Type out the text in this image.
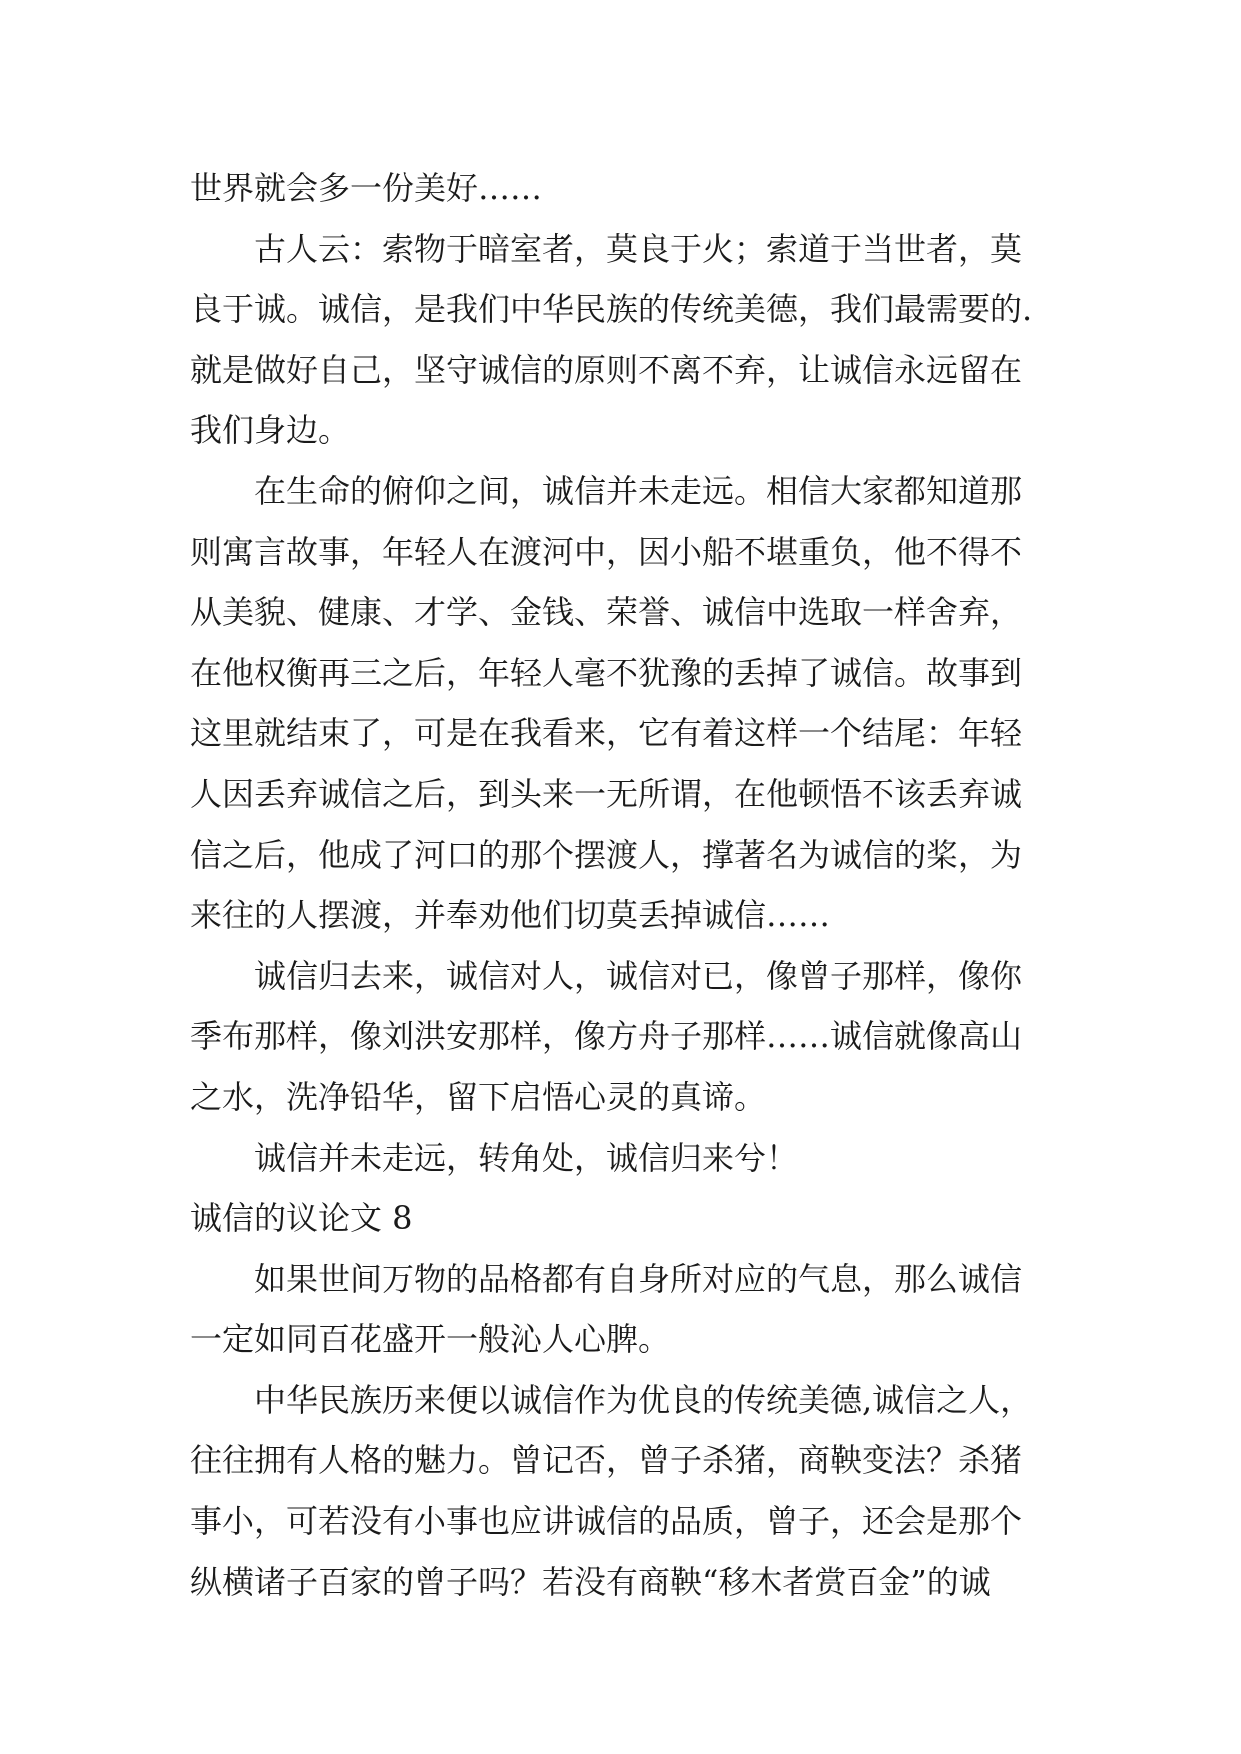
世界就会多一份美好……
古人云：索物于暗室者，莫良于火；索道于当世者，莫
良于诚。诚信，是我们中华民族的传统美德，我们最需要的.
就是做好自己，坚守诚信的原则不离不弃，让诚信永远留在
我们身边。
在生命的俯仰之间，诚信并未走远。相信大家都知道那
则寓言故事，年轻人在渡河中，因小船不堪重负，他不得不
从美貌、健康、才学、金钱、荣誉、诚信中选取一样舍弃，
在他权衡再三之后，年轻人毫不犹豫的丢掉了诚信。故事到
这里就结束了，可是在我看来，它有着这样一个结尾：年轻
人因丢弃诚信之后，到头来一无所谓，在他顿悟不该丢弃诚
信之后，他成了河口的那个摆渡人，撑著名为诚信的桨，为
来往的人摆渡，并奉劝他们切莫丢掉诚信……
诚信归去来，诚信对人，诚信对已，像曾子那样，像你
季布那样，像刘洪安那样，像方舟子那样……诚信就像高山
之水，洗净铅华，留下启悟心灵的真谛。
诚信并未走远，转角处，诚信归来兮！
诚信的议论文 8
如果世间万物的品格都有自身所对应的气息，那么诚信
一定如同百花盛开一般沁人心脾。
中华民族历来便以诚信作为优良的传统美德,诚信之人，
往往拥有人格的魅力。曾记否，曾子杀猪，商鞅变法？杀猪
事小，可若没有小事也应讲诚信的品质，曾子，还会是那个
纵横诸子百家的曾子吗？若没有商鞅“移木者赏百金”的诚
